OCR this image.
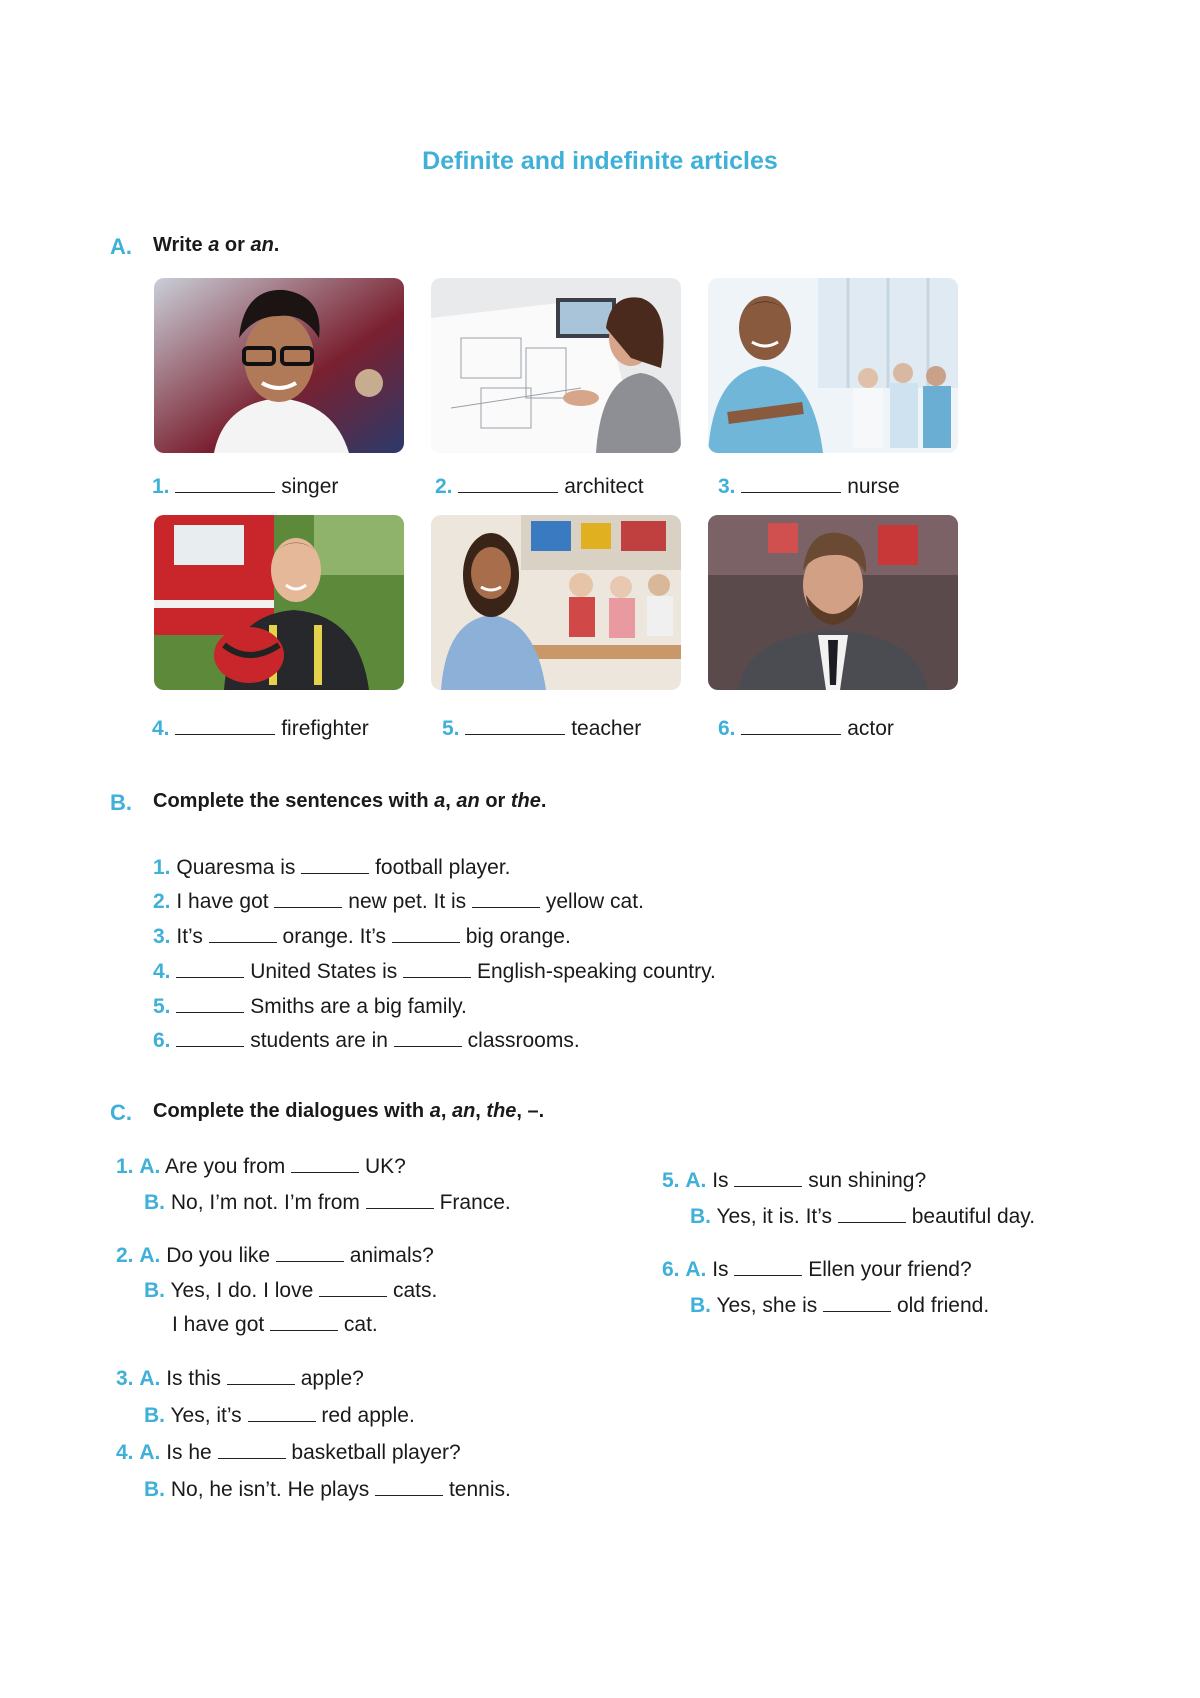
Definite and indefinite articles
A. Write a or an.
1.	singer	2.	architect	3.	nurse
4.	firefighter	5.	teacher	6.	actor
B. Complete the sentences with a, an or the.
1. Quaresma is	football player.
2. I have got	new pet. It is	yellow cat.
3. It’s	orange. It’s	big orange.
4.	United States is	English-speaking country.
5.	Smiths are a big family.
6.	students are in	classrooms.
C. Complete the dialogues with a, an, the, –.
1. A. Are you from	UK?
B. No, I’m not. I’m from	France.
2. A. Do you like	animals?
B. Yes, I do. I love	cats.
I have got	cat.
3. A. Is this	apple?
B. Yes, it’s	red apple.
4. A. Is he	basketball player?
B. No, he isn’t. He plays	tennis.
5. A. Is	sun shining?
B. Yes, it is. It’s	beautiful day.
6. A. Is	Ellen your friend?
B. Yes, she is	old friend.
